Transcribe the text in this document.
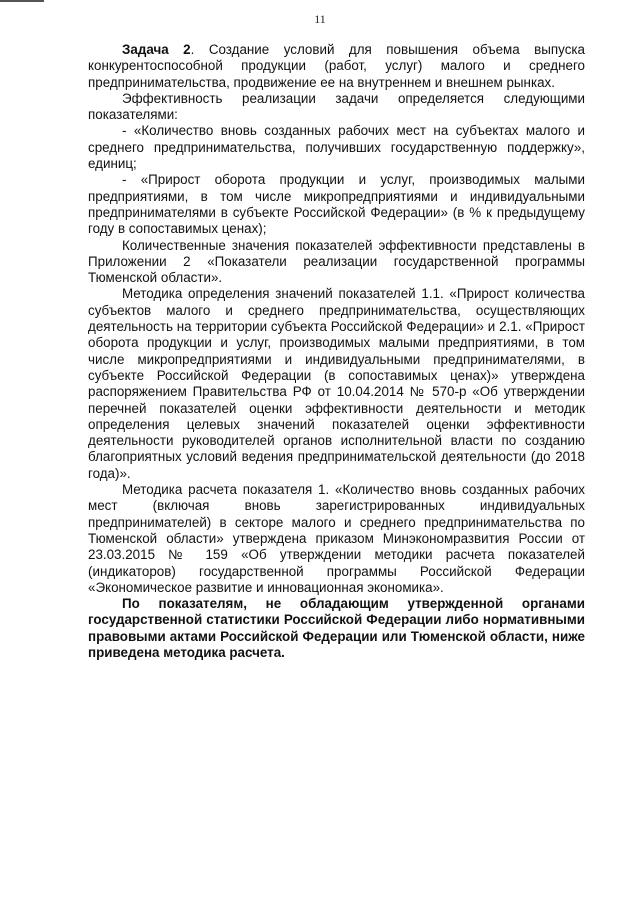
11

Задача 2. Создание условий для повышения объема выпуска конкурентоспособной продукции (работ, услуг) малого и среднего предпринимательства, продвижение ее на внутреннем и внешнем рынках.

Эффективность реализации задачи определяется следующими показателями:

- «Количество вновь созданных рабочих мест на субъектах малого и среднего предпринимательства, получивших государственную поддержку», единиц;

- «Прирост оборота продукции и услуг, производимых малыми предприятиями, в том числе микропредприятиями и индивидуальными предпринимателями в субъекте Российской Федерации» (в % к предыдущему году в сопоставимых ценах);

Количественные значения показателей эффективности представлены в Приложении 2 «Показатели реализации государственной программы Тюменской области».

Методика определения значений показателей 1.1. «Прирост количества субъектов малого и среднего предпринимательства, осуществляющих деятельность на территории субъекта Российской Федерации» и 2.1. «Прирост оборота продукции и услуг, производимых малыми предприятиями, в том числе микропредприятиями и индивидуальными предпринимателями, в субъекте Российской Федерации (в сопоставимых ценах)» утверждена распоряжением Правительства РФ от 10.04.2014 № 570-р «Об утверждении перечней показателей оценки эффективности деятельности и методик определения целевых значений показателей оценки эффективности деятельности руководителей органов исполнительной власти по созданию благоприятных условий ведения предпринимательской деятельности (до 2018 года)».

Методика расчета показателя 1. «Количество вновь созданных рабочих мест (включая вновь зарегистрированных индивидуальных предпринимателей) в секторе малого и среднего предпринимательства по Тюменской области» утверждена приказом Минэкономразвития России от 23.03.2015 № 159 «Об утверждении методики расчета показателей (индикаторов) государственной программы Российской Федерации «Экономическое развитие и инновационная экономика».

По показателям, не обладающим утвержденной органами государственной статистики Российской Федерации либо нормативными правовыми актами Российской Федерации или Тюменской области, ниже приведена методика расчета.
